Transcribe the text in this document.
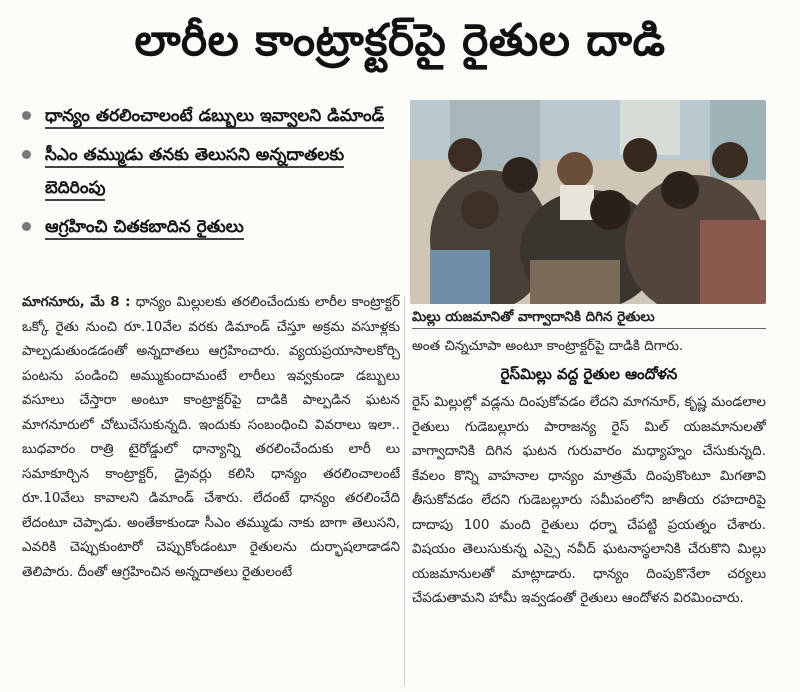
లారీల కాంట్రాక్టర్‌పై రైతుల దాడి
ధాన్యం తరలించాలంటే డబ్బులు ఇవ్వాలని డిమాండ్
సీఎం తమ్ముడు తనకు తెలుసని అన్నదాతలకు బెదిరింపు
ఆగ్రహించి చితకబాదిన రైతులు
మిల్లు యజమానితో వాగ్వాదానికి దిగిన రైతులు
మాగనూరు, మే 8 : ధాన్యం మిల్లులకు తరలించేందుకు లారీల కాంట్రాక్టర్ ఒక్కో రైతు నుంచి రూ.10వేల వరకు డిమాండ్ చేస్తూ అక్రమ వసూళ్లకు పాల్పడుతుండడంతో అన్నదాతలు ఆగ్రహించారు. వ్యయప్రయాసాలకోర్చి పంటను పండించి అమ్ముకుందామంటే లారీలు ఇవ్వకుండా డబ్బులు వసూలు చేస్తారా అంటూ కాంట్రాక్టర్‌పై దాడికి పాల్పడిన ఘటన మాగనూరులో చోటుచేసుకున్నది. ఇందుకు సంబంధించి వివరాలు ఇలా.. బుధవారం రాత్రి టైరోడ్డులో ధాన్యాన్ని తరలించేందుకు లారీ లు సమాకూర్చిన కాంట్రాక్టర్, డ్రైవర్లు కలిసి ధాన్యం తరలించాలంటే రూ.10వేలు కావాలని డిమాండ్ చేశారు. లేదంటే ధాన్యం తరలించేది లేదంటూ చెప్పాడు. అంతేకాకుండా సీఎం తమ్ముడు నాకు బాగా తెలుసని, ఎవరికి చెప్పుకుంటారో చెప్పుకోండంటూ రైతులను దుర్భాషలాడాడని తెలిపారు. దీంతో ఆగ్రహించిన అన్నదాతలు రైతులంటే
అంత చిన్నచూపా అంటూ కాంట్రాక్టర్‌పై దాడికి దిగారు.
రైస్‌మిల్లు వద్ద రైతుల ఆందోళన
రైస్ మిల్లుల్లో వడ్లను దింపుకోవడం లేదని మాగనూర్, కృష్ణ మండలాల రైతులు గుడెబల్లూరు పారాజన్య రైస్ మిల్ యజమానులతో వాగ్వాదానికి దిగిన ఘటన గురువారం మధ్యాహ్నం చేసుకున్నది. కేవలం కొన్ని వాహనాల ధాన్యం మాత్రమే దింపుకొంటూ మిగతావి తీసుకోవడం లేదని గుడెబల్లూరు సమీపంలోని జాతీయ రహదారిపై దాదాపు 100 మంది రైతులు ధర్నా చేపట్టి ప్రయత్నం చేశారు. విషయం తెలుసుకున్న ఎస్సై నవీద్ ఘటనాస్థలానికి చేరుకొని మిల్లు యజమానులతో మాట్లాడారు. ధాన్యం దింపుకొనేలా చర్యలు చేపడుతామని హామీ ఇవ్వడంతో రైతులు ఆందోళన విరమించారు.
